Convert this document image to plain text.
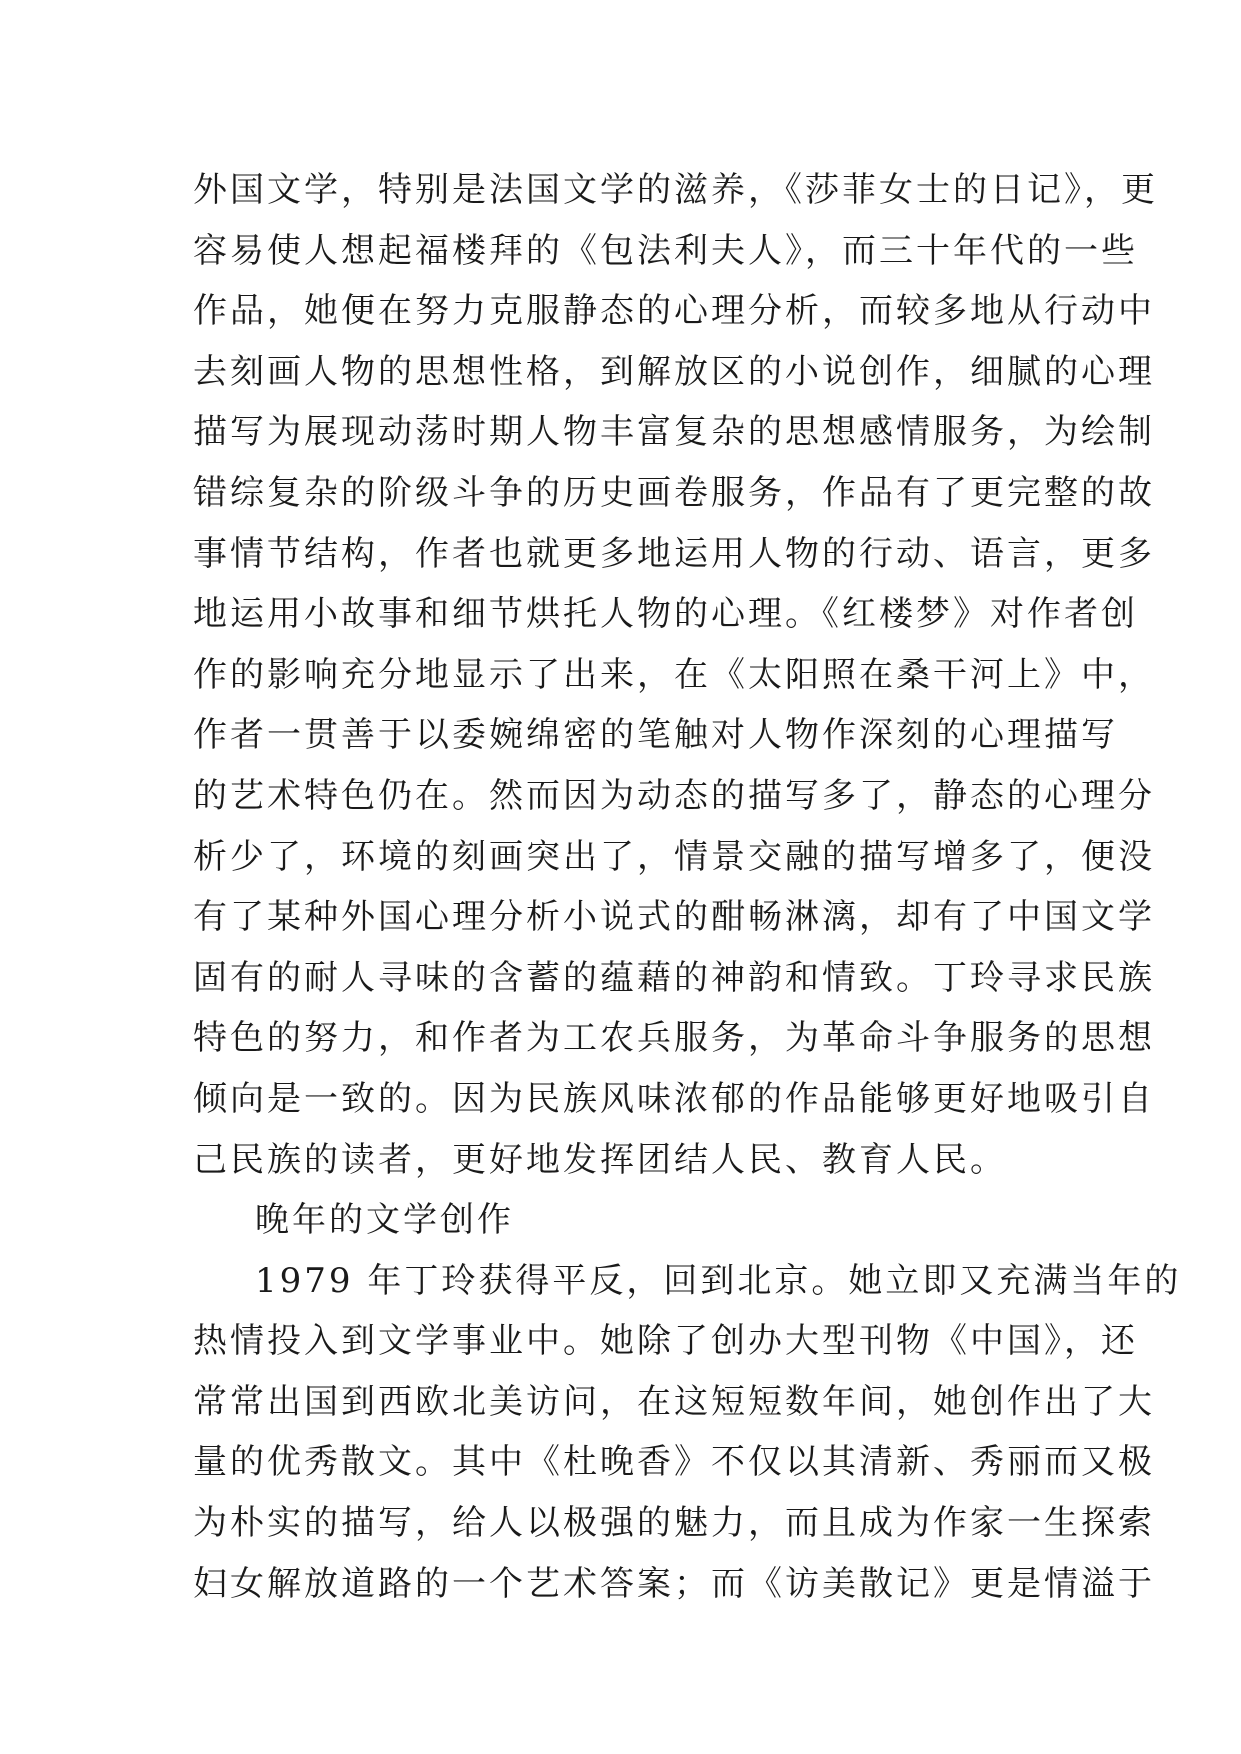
外国文学，特别是法国文学的滋养，《莎菲女士的日记》，更
容易使人想起福楼拜的《包法利夫人》，而三十年代的一些
作品，她便在努力克服静态的心理分析，而较多地从行动中
去刻画人物的思想性格，到解放区的小说创作，细腻的心理
描写为展现动荡时期人物丰富复杂的思想感情服务，为绘制
错综复杂的阶级斗争的历史画卷服务，作品有了更完整的故
事情节结构，作者也就更多地运用人物的行动、语言，更多
地运用小故事和细节烘托人物的心理。《红楼梦》对作者创
作的影响充分地显示了出来，在《太阳照在桑干河上》中，
作者一贯善于以委婉绵密的笔触对人物作深刻的心理描写
的艺术特色仍在。然而因为动态的描写多了，静态的心理分
析少了，环境的刻画突出了，情景交融的描写增多了，便没
有了某种外国心理分析小说式的酣畅淋漓，却有了中国文学
固有的耐人寻味的含蓄的蕴藉的神韵和情致。丁玲寻求民族
特色的努力，和作者为工农兵服务，为革命斗争服务的思想
倾向是一致的。因为民族风味浓郁的作品能够更好地吸引自
己民族的读者，更好地发挥团结人民、教育人民。
晚年的文学创作
1979 年丁玲获得平反，回到北京。她立即又充满当年的
热情投入到文学事业中。她除了创办大型刊物《中国》，还
常常出国到西欧北美访问，在这短短数年间，她创作出了大
量的优秀散文。其中《杜晚香》不仅以其清新、秀丽而又极
为朴实的描写，给人以极强的魅力，而且成为作家一生探索
妇女解放道路的一个艺术答案；而《访美散记》更是情溢于
